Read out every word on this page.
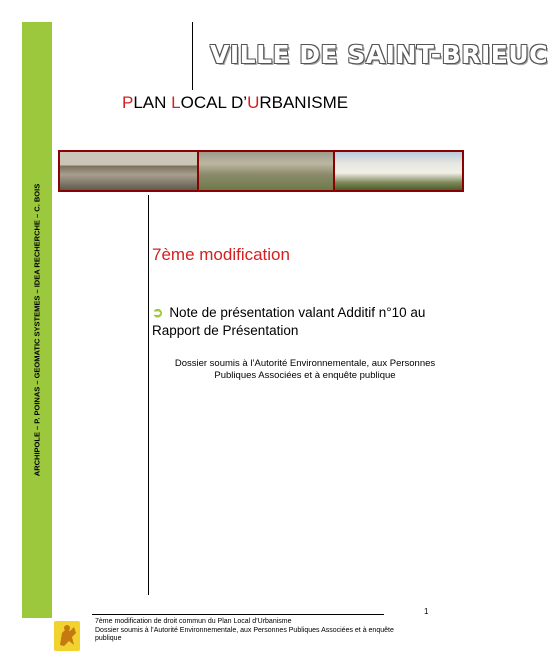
ARCHIPOLE – P. POINAS – GEOMATIC SYSTEMES – IDEA RECHERCHE – C. BOIS
VILLE DE SAINT-BRIEUC
PLAN LOCAL D’URBANISME
7ème modification
➲ Note de présentation valant Additif n°10 au Rapport de Présentation
Dossier soumis à l’Autorité Environnementale, aux Personnes Publiques Associées et à enquête publique
1
7ème modification de droit commun du Plan Local d’Urbanisme
Dossier soumis à l’Autorité Environnementale, aux Personnes Publiques Associées et à enquête publique
